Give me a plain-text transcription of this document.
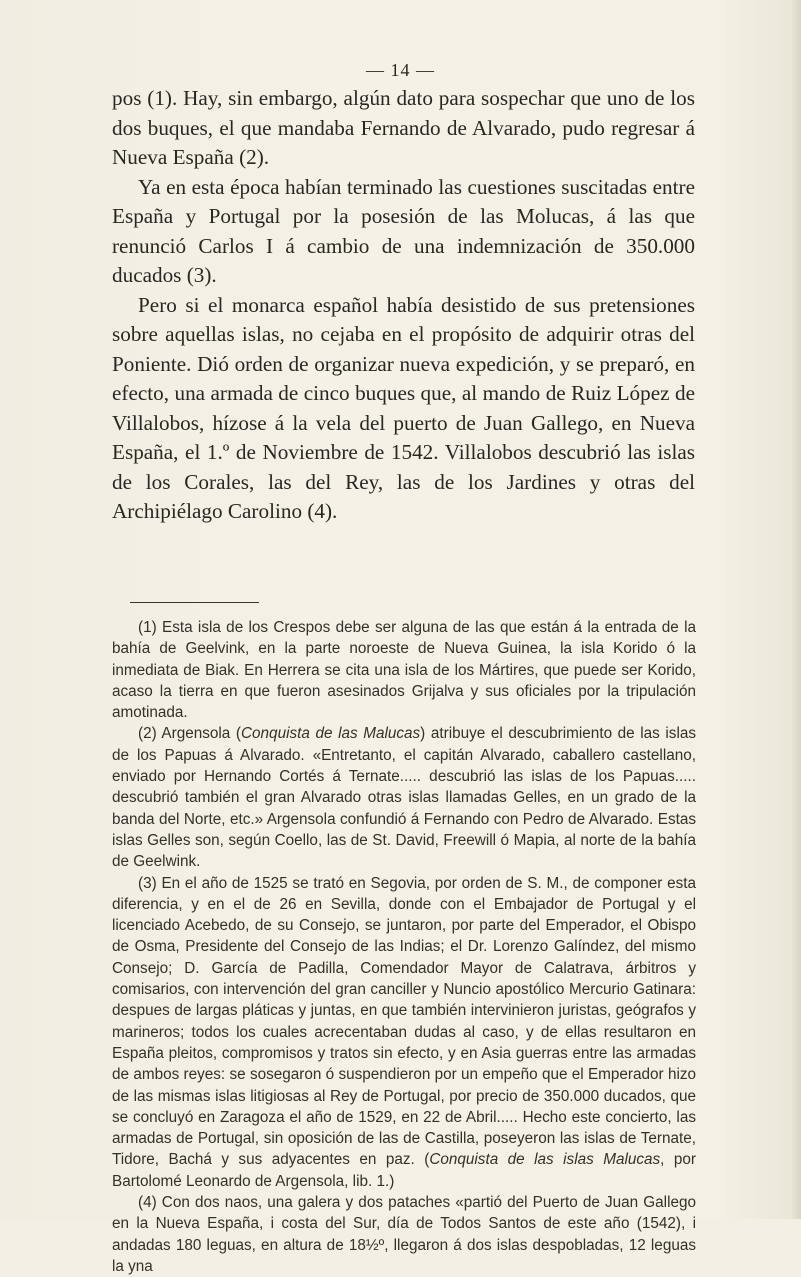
— 14 —

pos (1). Hay, sin embargo, algún dato para sospechar que uno de los dos buques, el que mandaba Fernando de Alvarado, pudo regresar á Nueva España (2).

Ya en esta época habían terminado las cuestiones suscitadas entre España y Portugal por la posesión de las Molucas, á las que renunció Carlos I á cambio de una indemnización de 350.000 ducados (3).

Pero si el monarca español había desistido de sus pretensiones sobre aquellas islas, no cejaba en el propósito de adquirir otras del Poniente. Dió orden de organizar nueva expedición, y se preparó, en efecto, una armada de cinco buques que, al mando de Ruiz López de Villalobos, hízose á la vela del puerto de Juan Gallego, en Nueva España, el 1.º de Noviembre de 1542. Villalobos descubrió las islas de los Corales, las del Rey, las de los Jardines y otras del Archipiélago Carolino (4).

(1) Esta isla de los Crespos debe ser alguna de las que están á la entrada de la bahía de Geelvink, en la parte noroeste de Nueva Guinea, la isla Korido ó la inmediata de Biak. En Herrera se cita una isla de los Mártires, que puede ser Korido, acaso la tierra en que fueron asesinados Grijalva y sus oficiales por la tripulación amotinada.

(2) Argensola (Conquista de las Malucas) atribuye el descubrimiento de las islas de los Papuas á Alvarado. «Entretanto, el capitán Alvarado, caballero castellano, enviado por Hernando Cortés á Ternate..... descubrió las islas de los Papuas..... descubrió también el gran Alvarado otras islas llamadas Gelles, en un grado de la banda del Norte, etc.» Argensola confundió á Fernando con Pedro de Alvarado. Estas islas Gelles son, según Coello, las de St. David, Freewill ó Mapia, al norte de la bahía de Geelwink.

(3) En el año de 1525 se trató en Segovia, por orden de S. M., de componer esta diferencia, y en el de 26 en Sevilla, donde con el Embajador de Portugal y el licenciado Acebedo, de su Consejo, se juntaron, por parte del Emperador, el Obispo de Osma, Presidente del Consejo de las Indias; el Dr. Lorenzo Galíndez, del mismo Consejo; D. García de Padilla, Comendador Mayor de Calatrava, árbitros y comisarios, con intervención del gran canciller y Nuncio apostólico Mercurio Gatinara: despues de largas pláticas y juntas, en que también intervinieron juristas, geógrafos y marineros; todos los cuales acrecentaban dudas al caso, y de ellas resultaron en España pleitos, compromisos y tratos sin efecto, y en Asia guerras entre las armadas de ambos reyes: se sosegaron ó suspendieron por un empeño que el Emperador hizo de las mismas islas litigiosas al Rey de Portugal, por precio de 350.000 ducados, que se concluyó en Zaragoza el año de 1529, en 22 de Abril..... Hecho este concierto, las armadas de Portugal, sin oposición de las de Castilla, poseyeron las islas de Ternate, Tidore, Bachá y sus adyacentes en paz. (Conquista de las islas Malucas, por Bartolomé Leonardo de Argensola, lib. 1.)

(4) Con dos naos, una galera y dos pataches «partió del Puerto de Juan Gallego en la Nueva España, i costa del Sur, día de Todos Santos de este año (1542), i andadas 180 leguas, en altura de 18½º, llegaron á dos islas despobladas, 12 leguas la yna
